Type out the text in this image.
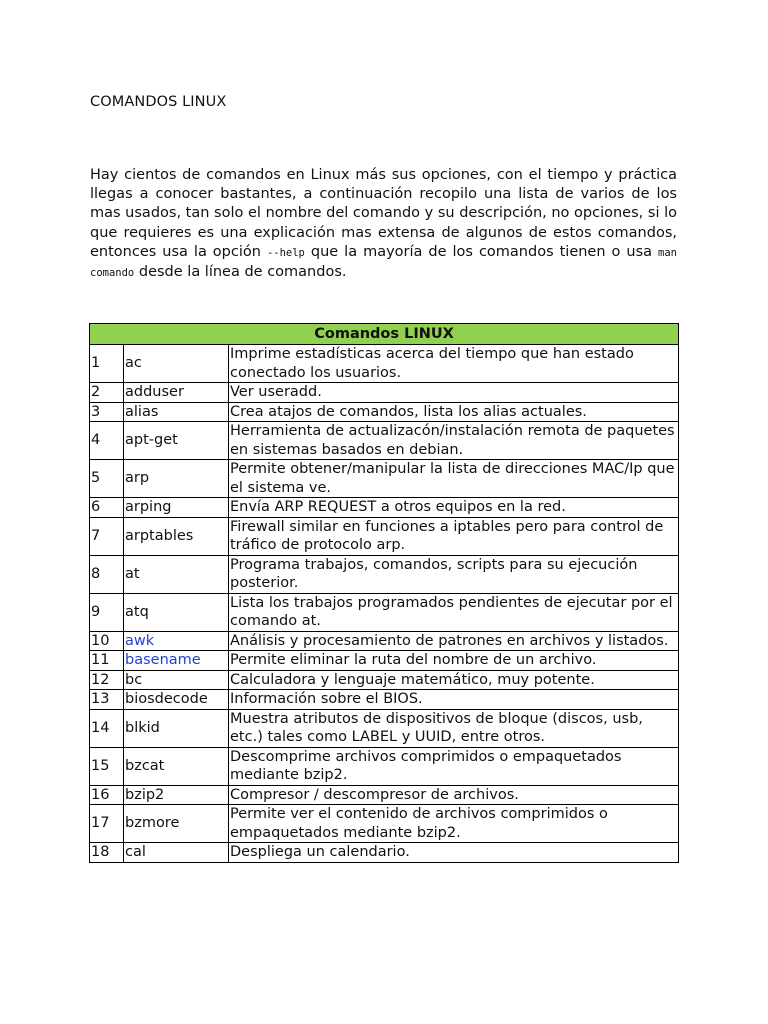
COMANDOS LINUX

Hay cientos de comandos en Linux más sus opciones, con el tiempo y práctica llegas a conocer bastantes, a continuación recopilo una lista de varios de los mas usados, tan solo el nombre del comando y su descripción, no opciones, si lo que requieres es una explicación mas extensa de algunos de estos comandos, entonces usa la opción --help que la mayoría de los comandos tienen o usa man comando desde la línea de comandos.

Comandos LINUX		
1	ac	Imprime estadísticas acerca del tiempo que han estado conectado los usuarios.
2	adduser	Ver useradd.
3	alias	Crea atajos de comandos, lista los alias actuales.
4	apt-get	Herramienta de actualizacón/instalación remota de paquetes en sistemas basados en debian.
5	arp	Permite obtener/manipular la lista de direcciones MAC/Ip que el sistema ve.
6	arping	Envía ARP REQUEST a otros equipos en la red.
7	arptables	Firewall similar en funciones a iptables pero para control de tráfico de protocolo arp.
8	at	Programa trabajos, comandos, scripts para su ejecución posterior.
9	atq	Lista los trabajos programados pendientes de ejecutar por el comando at.
10	awk	Análisis y procesamiento de patrones en archivos y listados.
11	basename	Permite eliminar la ruta del nombre de un archivo.
12	bc	Calculadora y lenguaje matemático, muy potente.
13	biosdecode	Información sobre el BIOS.
14	blkid	Muestra atributos de dispositivos de bloque (discos, usb, etc.) tales como LABEL y UUID, entre otros.
15	bzcat	Descomprime archivos comprimidos o empaquetados mediante bzip2.
16	bzip2	Compresor / descompresor de archivos.
17	bzmore	Permite ver el contenido de archivos comprimidos o empaquetados mediante bzip2.
18	cal	Despliega un calendario.
